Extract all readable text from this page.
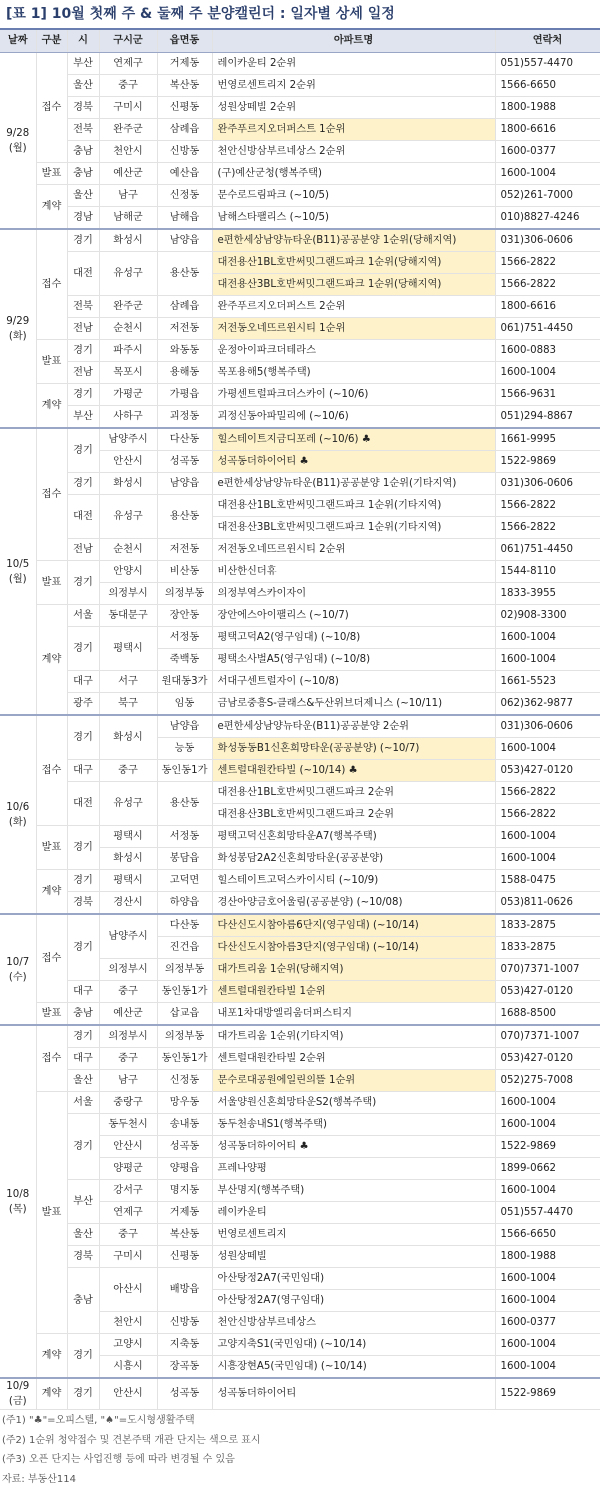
[표 1] 10월 첫째 주 & 둘째 주 분양캘린더 : 일자별 상세 일정
날짜	구분	시	구시군	읍면동	아파트명	연락처
9/28
(월)	접수	부산	연제구	거제동	레이카운티 2순위	051)557-4470
		울산	중구	복산동	번영로센트리지 2순위	1566-6650
		경북	구미시	신평동	성원상떼빌 2순위	1800-1988
		전북	완주군	삼례읍	완주푸르지오더퍼스트 1순위	1800-6616
		충남	천안시	신방동	천안신방삼부르네상스 2순위	1600-0377
	발표	충남	예산군	예산읍	(구)예산군청(행복주택)	1600-1004
	계약	울산	남구	신정동	문수로드림파크 (~10/5)	052)261-7000
		경남	남해군	남해읍	남해스타팰리스 (~10/5)	010)8827-4246
9/29
(화)	접수	경기	화성시	남양읍	e편한세상남양뉴타운(B11)공공분양 1순위(당해지역)	031)306-0606
		대전	유성구	용산동	대전용산1BL호반써밋그랜드파크 1순위(당해지역)	1566-2822
					대전용산3BL호반써밋그랜드파크 1순위(당해지역)	1566-2822
		전북	완주군	삼례읍	완주푸르지오더퍼스트 2순위	1800-6616
		전남	순천시	저전동	저전동오네뜨르윈시티 1순위	061)751-4450
	발표	경기	파주시	와동동	운정아이파크더테라스	1600-0883
		전남	목포시	용해동	목포용해5(행복주택)	1600-1004
	계약	경기	가평군	가평읍	가평센트럴파크더스카이 (~10/6)	1566-9631
		부산	사하구	괴정동	괴정신동아파밀리에 (~10/6)	051)294-8867
10/5
(월)	접수	경기	남양주시	다산동	힐스테이트지금디포레 (~10/6) ♣	1661-9995
			안산시	성곡동	성곡동더하이어티 ♣	1522-9869
		경기	화성시	남양읍	e편한세상남양뉴타운(B11)공공분양 1순위(기타지역)	031)306-0606
		대전	유성구	용산동	대전용산1BL호반써밋그랜드파크 1순위(기타지역)	1566-2822
					대전용산3BL호반써밋그랜드파크 1순위(기타지역)	1566-2822
		전남	순천시	저전동	저전동오네뜨르윈시티 2순위	061)751-4450
	발표	경기	안양시	비산동	비산한신더휴	1544-8110
			의정부시	의정부동	의정부역스카이자이	1833-3955
	계약	서울	동대문구	장안동	장안에스아이팰리스 (~10/7)	02)908-3300
		경기	평택시	서정동	평택고덕A2(영구임대) (~10/8)	1600-1004
				죽백동	평택소사벌A5(영구임대) (~10/8)	1600-1004
		대구	서구	원대동3가	서대구센트럴자이 (~10/8)	1661-5523
		광주	북구	임동	금남로중흥S-클래스&두산위브더제니스 (~10/11)	062)362-9877
10/6
(화)	접수	경기	화성시	남양읍	e편한세상남양뉴타운(B11)공공분양 2순위	031)306-0606
				능동	화성동동B1신혼희망타운(공공분양) (~10/7)	1600-1004
		대구	중구	동인동1가	센트럴대원칸타빌 (~10/14) ♣	053)427-0120
		대전	유성구	용산동	대전용산1BL호반써밋그랜드파크 2순위	1566-2822
					대전용산3BL호반써밋그랜드파크 2순위	1566-2822
	발표	경기	평택시	서정동	평택고덕신혼희망타운A7(행복주택)	1600-1004
			화성시	봉담읍	화성봉담2A2신혼희망타운(공공분양)	1600-1004
	계약	경기	평택시	고덕면	힐스테이트고덕스카이시티 (~10/9)	1588-0475
		경북	경산시	하양읍	경산아양금호어울림(공공분양) (~10/08)	053)811-0626
10/7
(수)	접수	경기	남양주시	다산동	다산신도시참아름6단지(영구임대) (~10/14)	1833-2875
				진건읍	다산신도시참아름3단지(영구임대) (~10/14)	1833-2875
			의정부시	의정부동	대가트리움 1순위(당해지역)	070)7371-1007
		대구	중구	동인동1가	센트럴대원칸타빌 1순위	053)427-0120
	발표	충남	예산군	삽교읍	내포1차대방엘리움더퍼스티지	1688-8500
10/8
(목)	접수	경기	의정부시	의정부동	대가트리움 1순위(기타지역)	070)7371-1007
		대구	중구	동인동1가	센트럴대원칸타빌 2순위	053)427-0120
		울산	남구	신정동	문수로대공원에일린의뜰 1순위	052)275-7008
	발표	서울	중랑구	망우동	서울양원신혼희망타운S2(행복주택)	1600-1004
		경기	동두천시	송내동	동두천송내S1(행복주택)	1600-1004
			안산시	성곡동	성곡동더하이어티 ♣	1522-9869
			양평군	양평읍	프레나양평	1899-0662
		부산	강서구	명지동	부산명지(행복주택)	1600-1004
			연제구	거제동	레이카운티	051)557-4470
		울산	중구	복산동	번영로센트리지	1566-6650
		경북	구미시	신평동	성원상떼빌	1800-1988
		충남	아산시	배방읍	아산탕정2A7(국민임대)	1600-1004
					아산탕정2A7(영구임대)	1600-1004
			천안시	신방동	천안신방삼부르네상스	1600-0377
	계약	경기	고양시	지축동	고양지축S1(국민임대) (~10/14)	1600-1004
			시흥시	장곡동	시흥장현A5(국민임대) (~10/14)	1600-1004
10/9
(금)	계약	경기	안산시	성곡동	성곡동더하이어티	1522-9869
(주1) "♣"=오피스텔, "♠"=도시형생활주택
(주2) 1순위 청약접수 및 견본주택 개관 단지는 색으로 표시
(주3) 오픈 단지는 사업진행 등에 따라 변경될 수 있음
자료: 부동산114
